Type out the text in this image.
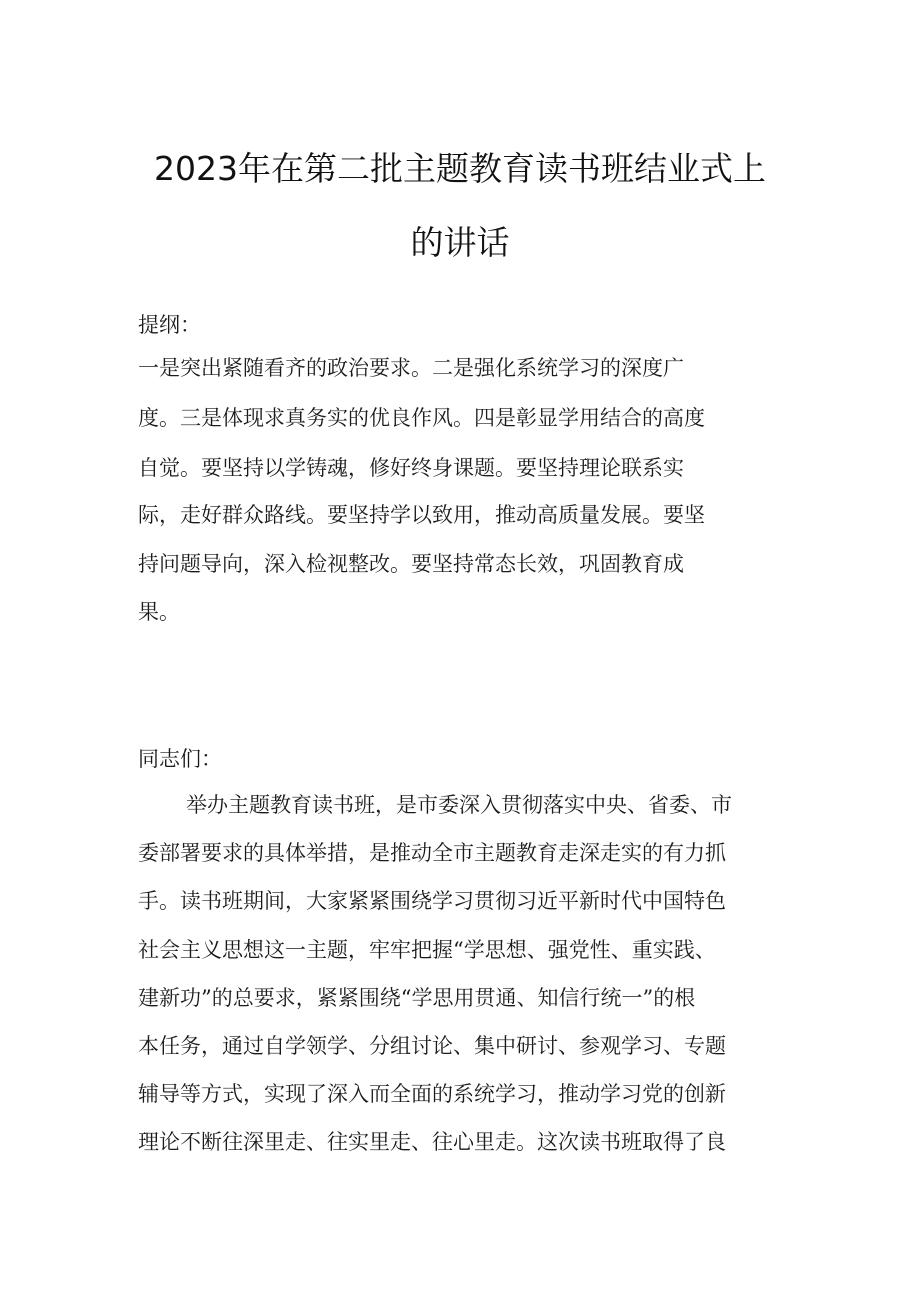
2023年在第二批主题教育读书班结业式上
的讲话
提纲：
一是突出紧随看齐的政治要求。二是强化系统学习的深度广
度。三是体现求真务实的优良作风。四是彰显学用结合的高度
自觉。要坚持以学铸魂，修好终身课题。要坚持理论联系实
际，走好群众路线。要坚持学以致用，推动高质量发展。要坚
持问题导向，深入检视整改。要坚持常态长效，巩固教育成
果。
同志们：
举办主题教育读书班，是市委深入贯彻落实中央、省委、市
委部署要求的具体举措，是推动全市主题教育走深走实的有力抓
手。读书班期间，大家紧紧围绕学习贯彻习近平新时代中国特色
社会主义思想这一主题，牢牢把握“学思想、强党性、重实践、
建新功”的总要求，紧紧围绕“学思用贯通、知信行统一”的根
本任务，通过自学领学、分组讨论、集中研讨、参观学习、专题
辅导等方式，实现了深入而全面的系统学习，推动学习党的创新
理论不断往深里走、往实里走、往心里走。这次读书班取得了良
